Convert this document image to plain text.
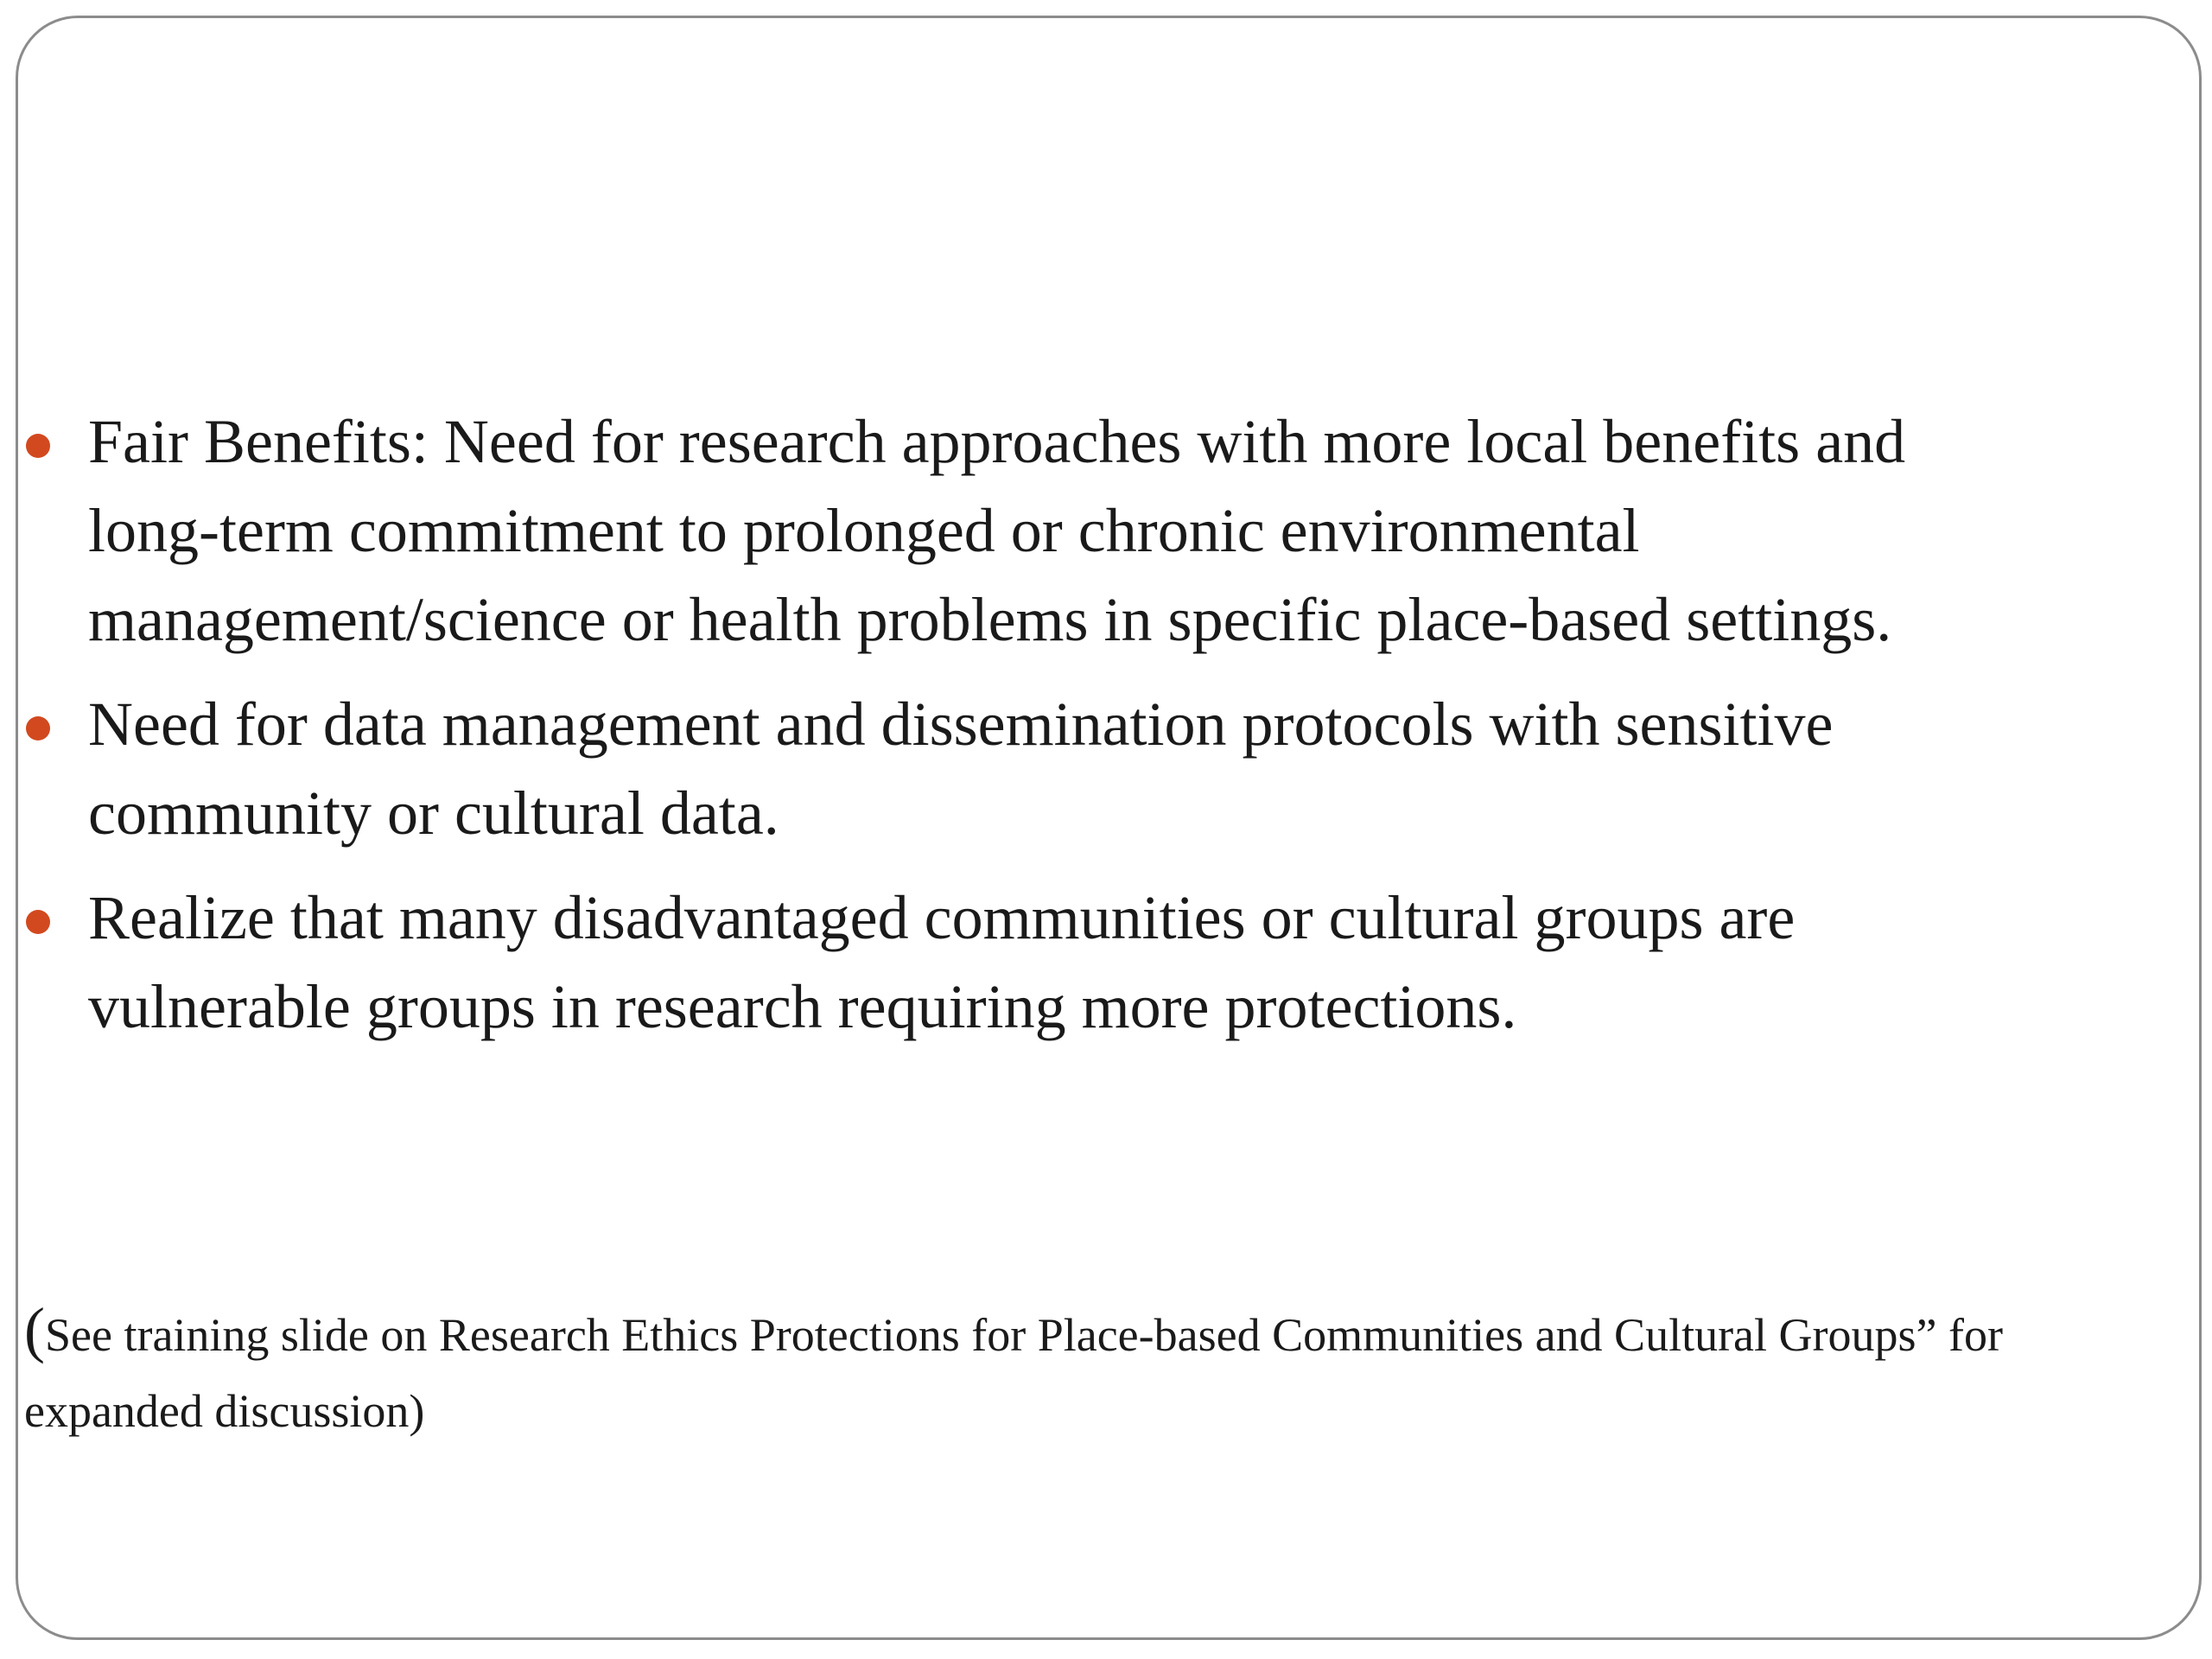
Fair Benefits: Need for research approaches with more local benefits and long-term commitment to prolonged or chronic environmental management/science or health problems in specific place-based settings.
Need for data management and dissemination protocols with sensitive community or cultural data.
Realize that many disadvantaged communities or cultural groups are vulnerable groups in research requiring more protections.

(See training slide on Research Ethics Protections for Place-based Communities and Cultural Groups” for expanded discussion)
